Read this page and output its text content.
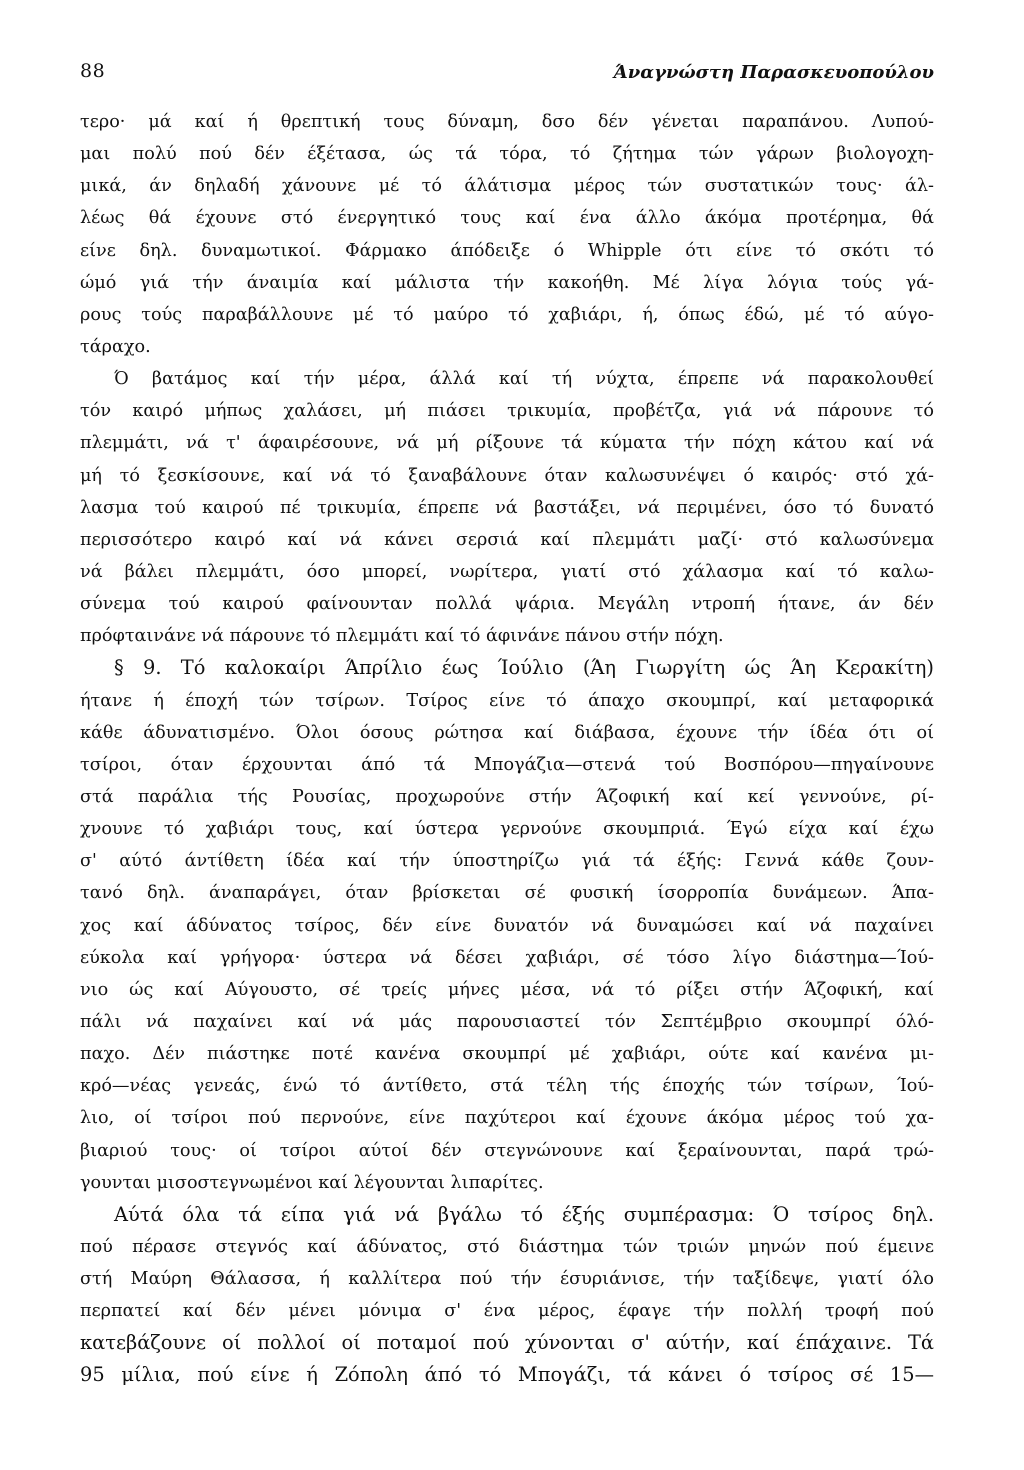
88	Άναγνώστη Παρασκευοπούλου
τερο· μά καί ή θρεπτική τους δύναμη, δσο δέν γένεται παραπάνου. Λυπού-
μαι πολύ πού δέν έξέτασα, ώς τά τόρα, τό ζήτημα τών γάρων βιολογοχη-
μικά, άν δηλαδή χάνουνε μέ τό άλάτισμα μέρος τών συστατικών τους· άλ-
λέως θά έχουνε στό ένεργητικό τους καί ένα άλλο άκόμα προτέρημα, θά
είνε δηλ. δυναμωτικοί. Φάρμακο άπόδειξε ό Whipple ότι είνε τό σκότι τό
ώμό γιά τήν άναιμία καί μάλιστα τήν κακοήθη. Μέ λίγα λόγια τούς γά-
ρους τούς παραβάλλουνε μέ τό μαύρο τό χαβιάρι, ή, όπως έδώ, μέ τό αύγο-
τάραχο.
Ό βατάμος καί τήν μέρα, άλλά καί τή νύχτα, έπρεπε νά παρακολουθεί
τόν καιρό μήπως χαλάσει, μή πιάσει τρικυμία, προβέτζα, γιά νά πάρουνε τό
πλεμμάτι, νά τ' άφαιρέσουνε, νά μή ρίξουνε τά κύματα τήν πόχη κάτου καί νά
μή τό ξεσκίσουνε, καί νά τό ξαναβάλουνε όταν καλωσυνέψει ό καιρός· στό χά-
λασμα τού καιρού πέ τρικυμία, έπρεπε νά βαστάξει, νά περιμένει, όσο τό δυνατό
περισσότερο καιρό καί νά κάνει σερσιά καί πλεμμάτι μαζί· στό καλωσύνεμα
νά βάλει πλεμμάτι, όσο μπορεί, νωρίτερα, γιατί στό χάλασμα καί τό καλω-
σύνεμα τού καιρού φαίνουνταν πολλά ψάρια. Μεγάλη ντροπή ήτανε, άν δέν
πρόφταινάνε νά πάρουνε τό πλεμμάτι καί τό άφινάνε πάνου στήν πόχη.
§ 9. Τό καλοκαίρι Άπρίλιο έως Ίούλιο (Άη Γιωργίτη ώς Άη Κερακίτη)
ήτανε ή έποχή τών τσίρων. Τσίρος είνε τό άπαχο σκουμπρί, καί μεταφορικά
κάθε άδυνατισμένο. Όλοι όσους ρώτησα καί διάβασα, έχουνε τήν ίδέα ότι οί
τσίροι, όταν έρχουνται άπό τά Μπογάζια—στενά τού Βοσπόρου—πηγαίνουνε
στά παράλια τής Ρουσίας, προχωρούνε στήν Άζοφική καί κεί γεννούνε, ρί-
χνουνε τό χαβιάρι τους, καί ύστερα γερνούνε σκουμπριά. Έγώ είχα καί έχω
σ' αύτό άντίθετη ίδέα καί τήν ύποστηρίζω γιά τά έξής: Γεννά κάθε ζουν-
τανό δηλ. άναπαράγει, όταν βρίσκεται σέ φυσική ίσορροπία δυνάμεων. Άπα-
χος καί άδύνατος τσίρος, δέν είνε δυνατόν νά δυναμώσει καί νά παχαίνει
εύκολα καί γρήγορα· ύστερα νά δέσει χαβιάρι, σέ τόσο λίγο διάστημα—Ίού-
νιο ώς καί Αύγουστο, σέ τρείς μήνες μέσα, νά τό ρίξει στήν Άζοφική, καί
πάλι νά παχαίνει καί νά μάς παρουσιαστεί τόν Σεπτέμβριο σκουμπρί όλό-
παχο. Δέν πιάστηκε ποτέ κανένα σκουμπρί μέ χαβιάρι, ούτε καί κανένα μι-
κρό—νέας γενεάς, ένώ τό άντίθετο, στά τέλη τής έποχής τών τσίρων, Ίού-
λιο, οί τσίροι πού περνούνε, είνε παχύτεροι καί έχουνε άκόμα μέρος τού χα-
βιαριού τους· οί τσίροι αύτοί δέν στεγνώνουνε καί ξεραίνουνται, παρά τρώ-
γουνται μισοστεγνωμένοι καί λέγουνται λιπαρίτες.
Αύτά όλα τά είπα γιά νά βγάλω τό έξής συμπέρασμα: Ό τσίρος δηλ.
πού πέρασε στεγνός καί άδύνατος, στό διάστημα τών τριών μηνών πού έμεινε
στή Μαύρη Θάλασσα, ή καλλίτερα πού τήν έσυριάνισε, τήν ταξίδεψε, γιατί όλο
περπατεί καί δέν μένει μόνιμα σ' ένα μέρος, έφαγε τήν πολλή τροφή πού
κατεβάζουνε οί πολλοί οί ποταμοί πού χύνονται σ' αύτήν, καί έπάχαινε. Τά
95 μίλια, πού είνε ή Ζόπολη άπό τό Μπογάζι, τά κάνει ό τσίρος σέ 15—
